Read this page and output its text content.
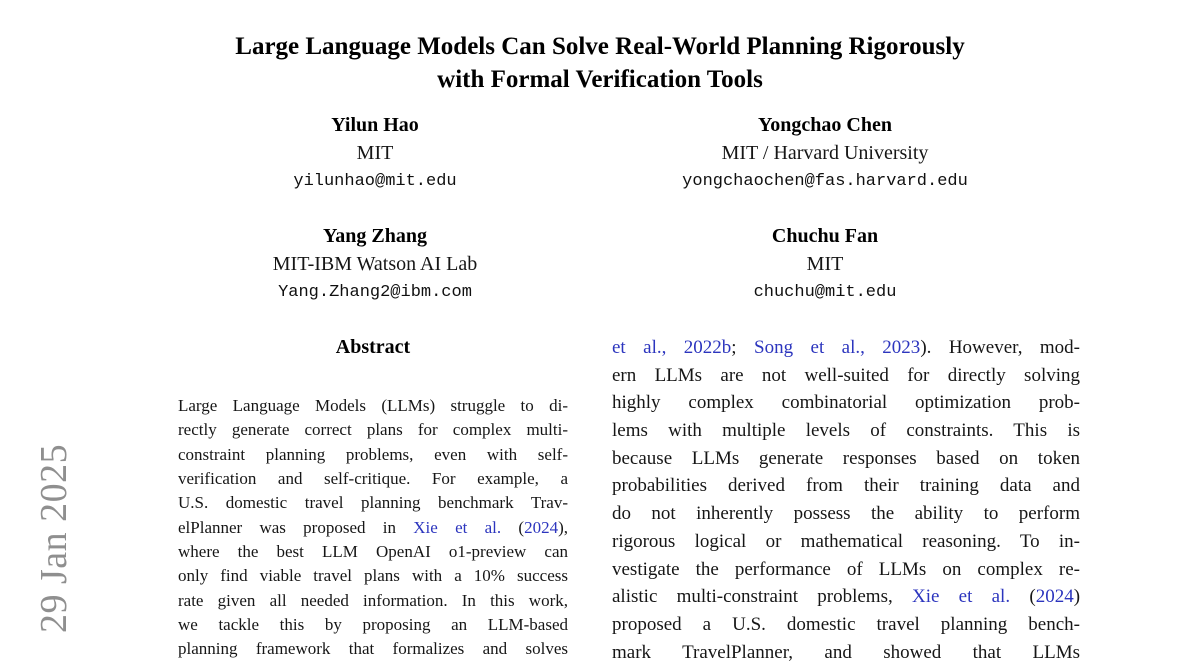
29 Jan 2025
Large Language Models Can Solve Real-World Planning Rigorously
with Formal Verification Tools
Yilun Hao
MIT
yilunhao@mit.edu
Yongchao Chen
MIT / Harvard University
yongchaochen@fas.harvard.edu
Yang Zhang
MIT-IBM Watson AI Lab
Yang.Zhang2@ibm.com
Chuchu Fan
MIT
chuchu@mit.edu
Abstract
Large Language Models (LLMs) struggle to di-
rectly generate correct plans for complex multi-
constraint planning problems, even with self-
verification and self-critique. For example, a
U.S. domestic travel planning benchmark Trav-
elPlanner was proposed in Xie et al. (2024),
where the best LLM OpenAI o1-preview can
only find viable travel plans with a 10% success
rate given all needed information. In this work,
we tackle this by proposing an LLM-based
planning framework that formalizes and solves
et al., 2022b; Song et al., 2023). However, mod-
ern LLMs are not well-suited for directly solving
highly complex combinatorial optimization prob-
lems with multiple levels of constraints. This is
because LLMs generate responses based on token
probabilities derived from their training data and
do not inherently possess the ability to perform
rigorous logical or mathematical reasoning. To in-
vestigate the performance of LLMs on complex re-
alistic multi-constraint problems, Xie et al. (2024)
proposed a U.S. domestic travel planning bench-
mark TravelPlanner, and showed that LLMs
